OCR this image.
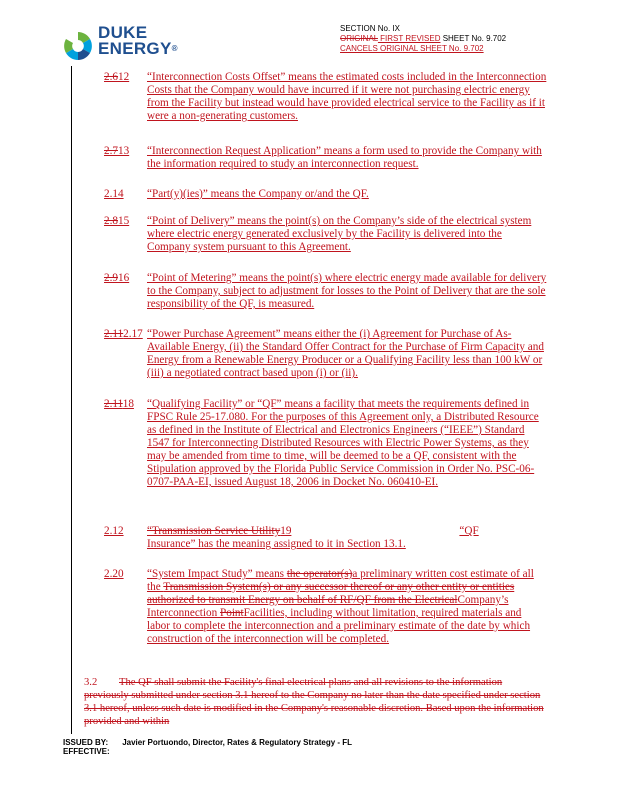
DUKE
ENERGY®
SECTION No. IX
ORIGINAL FIRST REVISED SHEET No. 9.702
CANCELS ORIGINAL SHEET No. 9.702
2.612 “Interconnection Costs Offset” means the estimated costs included in the Interconnection Costs that the Company would have incurred if it were not purchasing electric energy from the Facility but instead would have provided electrical service to the Facility as if it were a non-generating customers.
2.713 “Interconnection Request Application” means a form used to provide the Company with the information required to study an interconnection request.
2.14 “Part(y)(ies)” means the Company or/and the QF.
2.815 “Point of Delivery” means the point(s) on the Company’s side of the electrical system where electric energy generated exclusively by the Facility is delivered into the Company system pursuant to this Agreement.
2.916 “Point of Metering” means the point(s) where electric energy made available for delivery to the Company, subject to adjustment for losses to the Point of Delivery that are the sole responsibility of the QF, is measured.
2.112.17 “Power Purchase Agreement” means either the (i) Agreement for Purchase of As-Available Energy, (ii) the Standard Offer Contract for the Purchase of Firm Capacity and Energy from a Renewable Energy Producer or a Qualifying Facility less than 100 kW or (iii) a negotiated contract based upon (i) or (ii).
2.1118 “Qualifying Facility” or “QF” means a facility that meets the requirements defined in FPSC Rule 25-17.080. For the purposes of this Agreement only, a Distributed Resource as defined in the Institute of Electrical and Electronics Engineers (“IEEE”) Standard 1547 for Interconnecting Distributed Resources with Electric Power Systems, as they may be amended from time to time, will be deemed to be a QF, consistent with the Stipulation approved by the Florida Public Service Commission in Order No. PSC-06-0707-PAA-EI, issued August 18, 2006 in Docket No. 060410-EI.
2.12 “Transmission Service Utility19	“QF
Insurance” has the meaning assigned to it in Section 13.1.
2.20 “System Impact Study” means the operator(s)a preliminary written cost estimate of all the Transmission System(s) or any successor thereof or any other entity or entities authorized to transmit Energy on behalf of RF/QF from the ElectricalCompany’s Interconnection PointFacilities, including without limitation, required materials and labor to complete the interconnection and a preliminary estimate of the date by which construction of the interconnection will be completed.
3.2 The QF shall submit the Facility's final electrical plans and all revisions to the information previously submitted under section 3.1 hereof to the Company no later than the date specified under section 3.1 hereof, unless such date is modified in the Company's reasonable discretion. Based upon the information provided and within
ISSUED BY: Javier Portuondo, Director, Rates & Regulatory Strategy - FL
EFFECTIVE:
